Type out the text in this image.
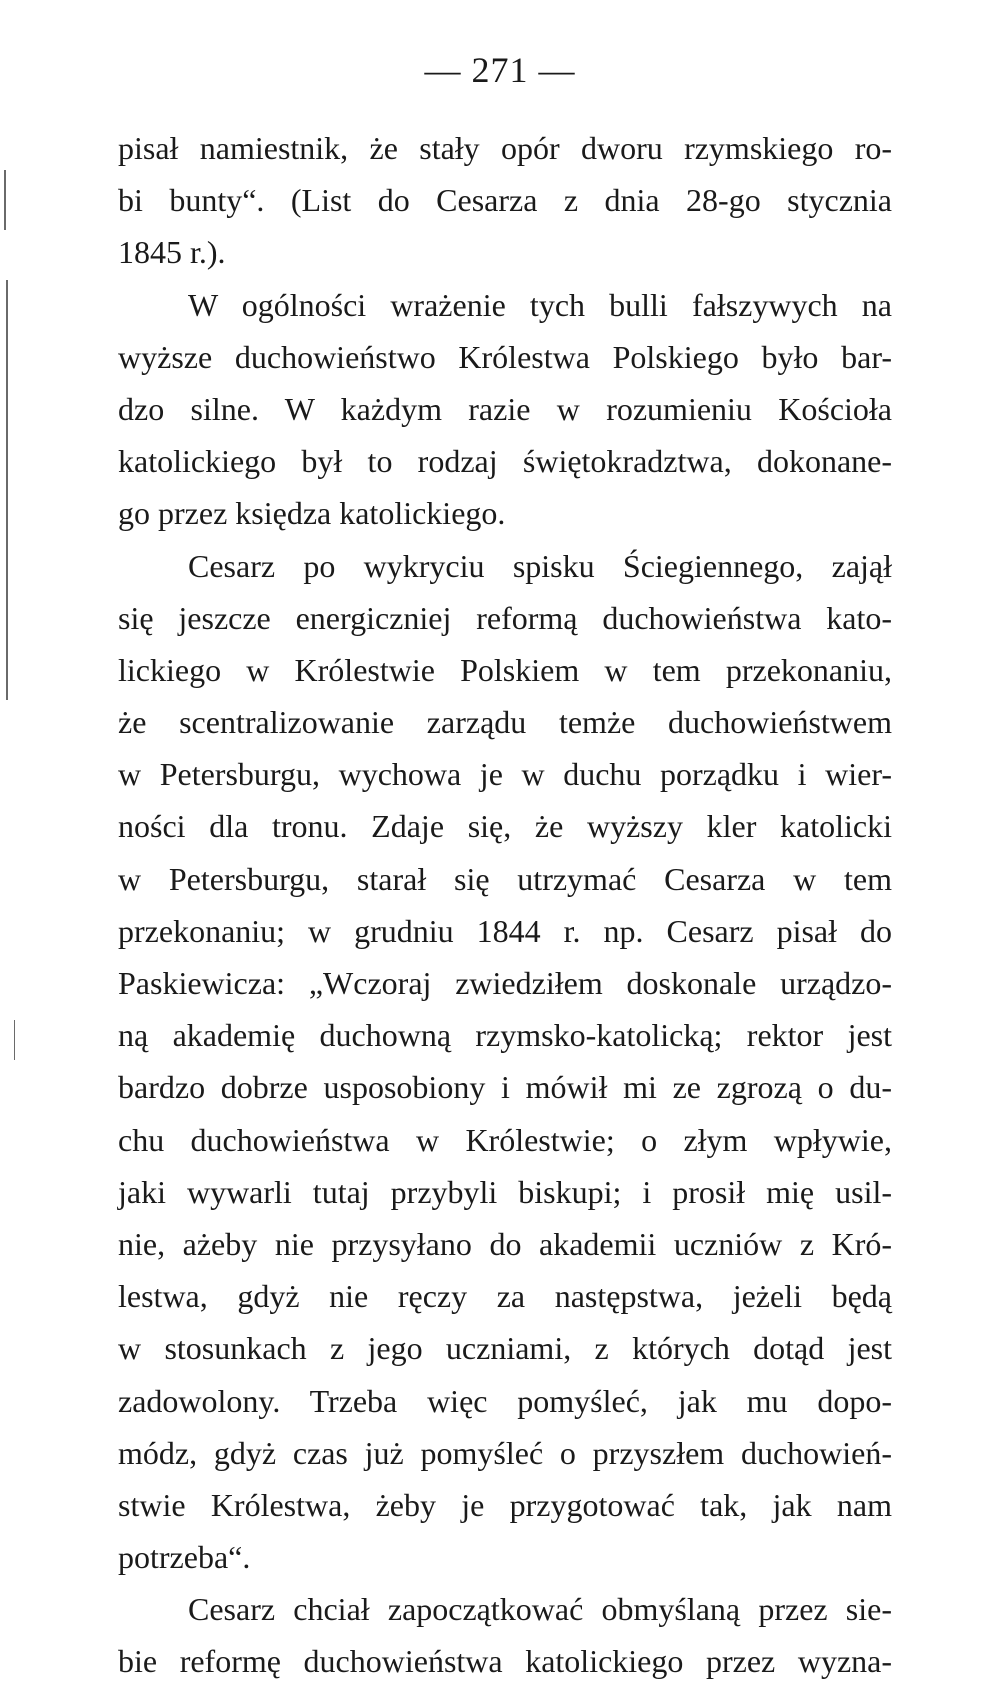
— 271 —
pisał namiestnik, że stały opór dworu rzymskiego ro-
bi bunty“. (List do Cesarza z dnia 28-go stycznia
1845 r.).
W ogólności wrażenie tych bulli fałszywych na
wyższe duchowieństwo Królestwa Polskiego było bar-
dzo silne. W każdym razie w rozumieniu Kościoła
katolickiego był to rodzaj świętokradztwa, dokonane-
go przez księdza katolickiego.
Cesarz po wykryciu spisku Ściegiennego, zajął
się jeszcze energiczniej reformą duchowieństwa kato-
lickiego w Królestwie Polskiem w tem przekonaniu,
że scentralizowanie zarządu temże duchowieństwem
w Petersburgu, wychowa je w duchu porządku i wier-
ności dla tronu. Zdaje się, że wyższy kler katolicki
w Petersburgu, starał się utrzymać Cesarza w tem
przekonaniu; w grudniu 1844 r. np. Cesarz pisał do
Paskiewicza: „Wczoraj zwiedziłem doskonale urządzo-
ną akademię duchowną rzymsko-katolicką; rektor jest
bardzo dobrze usposobiony i mówił mi ze zgrozą o du-
chu duchowieństwa w Królestwie; o złym wpływie,
jaki wywarli tutaj przybyli biskupi; i prosił mię usil-
nie, ażeby nie przysyłano do akademii uczniów z Kró-
lestwa, gdyż nie ręczy za następstwa, jeżeli będą
w stosunkach z jego uczniami, z których dotąd jest
zadowolony. Trzeba więc pomyśleć, jak mu dopo-
módz, gdyż czas już pomyśleć o przyszłem duchowień-
stwie Królestwa, żeby je przygotować tak, jak nam
potrzeba“.
Cesarz chciał zapoczątkować obmyślaną przez sie-
bie reformę duchowieństwa katolickiego przez wyzna-
